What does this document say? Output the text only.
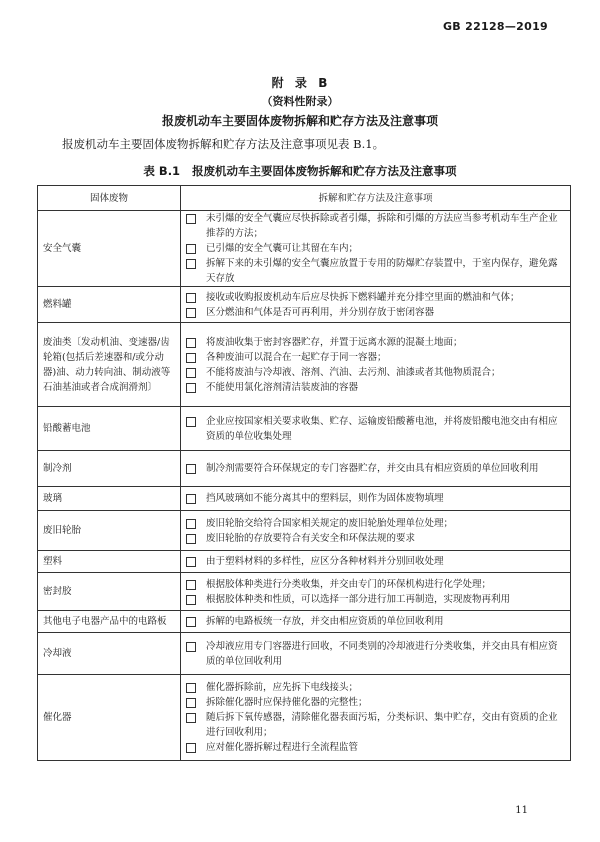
GB 22128—2019
附  录  B
（资料性附录）
报废机动车主要固体废物拆解和贮存方法及注意事项
报废机动车主要固体废物拆解和贮存方法及注意事项见表 B.1。
表 B.1 报废机动车主要固体废物拆解和贮存方法及注意事项
固体废物	拆解和贮存方法及注意事项
安全气囊	未引爆的安全气囊应尽快拆除或者引爆，拆除和引爆的方法应当参考机动车生产企业推荐的方法；
已引爆的安全气囊可让其留在车内；
拆解下来的未引爆的安全气囊应放置于专用的防爆贮存装置中，于室内保存，避免露天存放

燃料罐	接收或收购报废机动车后应尽快拆下燃料罐并充分排空里面的燃油和气体；
区分燃油和气体是否可再利用，并分别存放于密闭容器

废油类〔发动机油、变速器/齿轮箱(包括后差速器和/或分动器)油、动力转向油、制动液等石油基油或者合成润滑剂〕	将废油收集于密封容器贮存，并置于远离水源的混凝土地面；
各种废油可以混合在一起贮存于同一容器；
不能将废油与冷却液、溶剂、汽油、去污剂、油漆或者其他物质混合；
不能使用氯化溶剂清洁装废油的容器

铅酸蓄电池	企业应按国家相关要求收集、贮存、运输废铅酸蓄电池，并将废铅酸电池交由有相应资质的单位收集处理

制冷剂	制冷剂需要符合环保规定的专门容器贮存，并交由具有相应资质的单位回收利用

玻璃	挡风玻璃如不能分离其中的塑料层，则作为固体废物填埋

废旧轮胎	废旧轮胎交给符合国家相关规定的废旧轮胎处理单位处理；
废旧轮胎的存放要符合有关安全和环保法规的要求

塑料	由于塑料材料的多样性，应区分各种材料并分别回收处理

密封胶	根据胶体种类进行分类收集，并交由专门的环保机构进行化学处理；
根据胶体种类和性质，可以选择一部分进行加工再制造，实现废物再利用

其他电子电器产品中的电路板	拆解的电路板统一存放，并交由相应资质的单位回收利用

冷却液	冷却液应用专门容器进行回收，不同类别的冷却液进行分类收集，并交由具有相应资质的单位回收利用

催化器	催化器拆除前，应先拆下电线接头；
拆除催化器时应保持催化器的完整性；
随后拆下氧传感器，清除催化器表面污垢，分类标识、集中贮存，交由有资质的企业进行回收利用；
应对催化器拆解过程进行全流程监管
11
